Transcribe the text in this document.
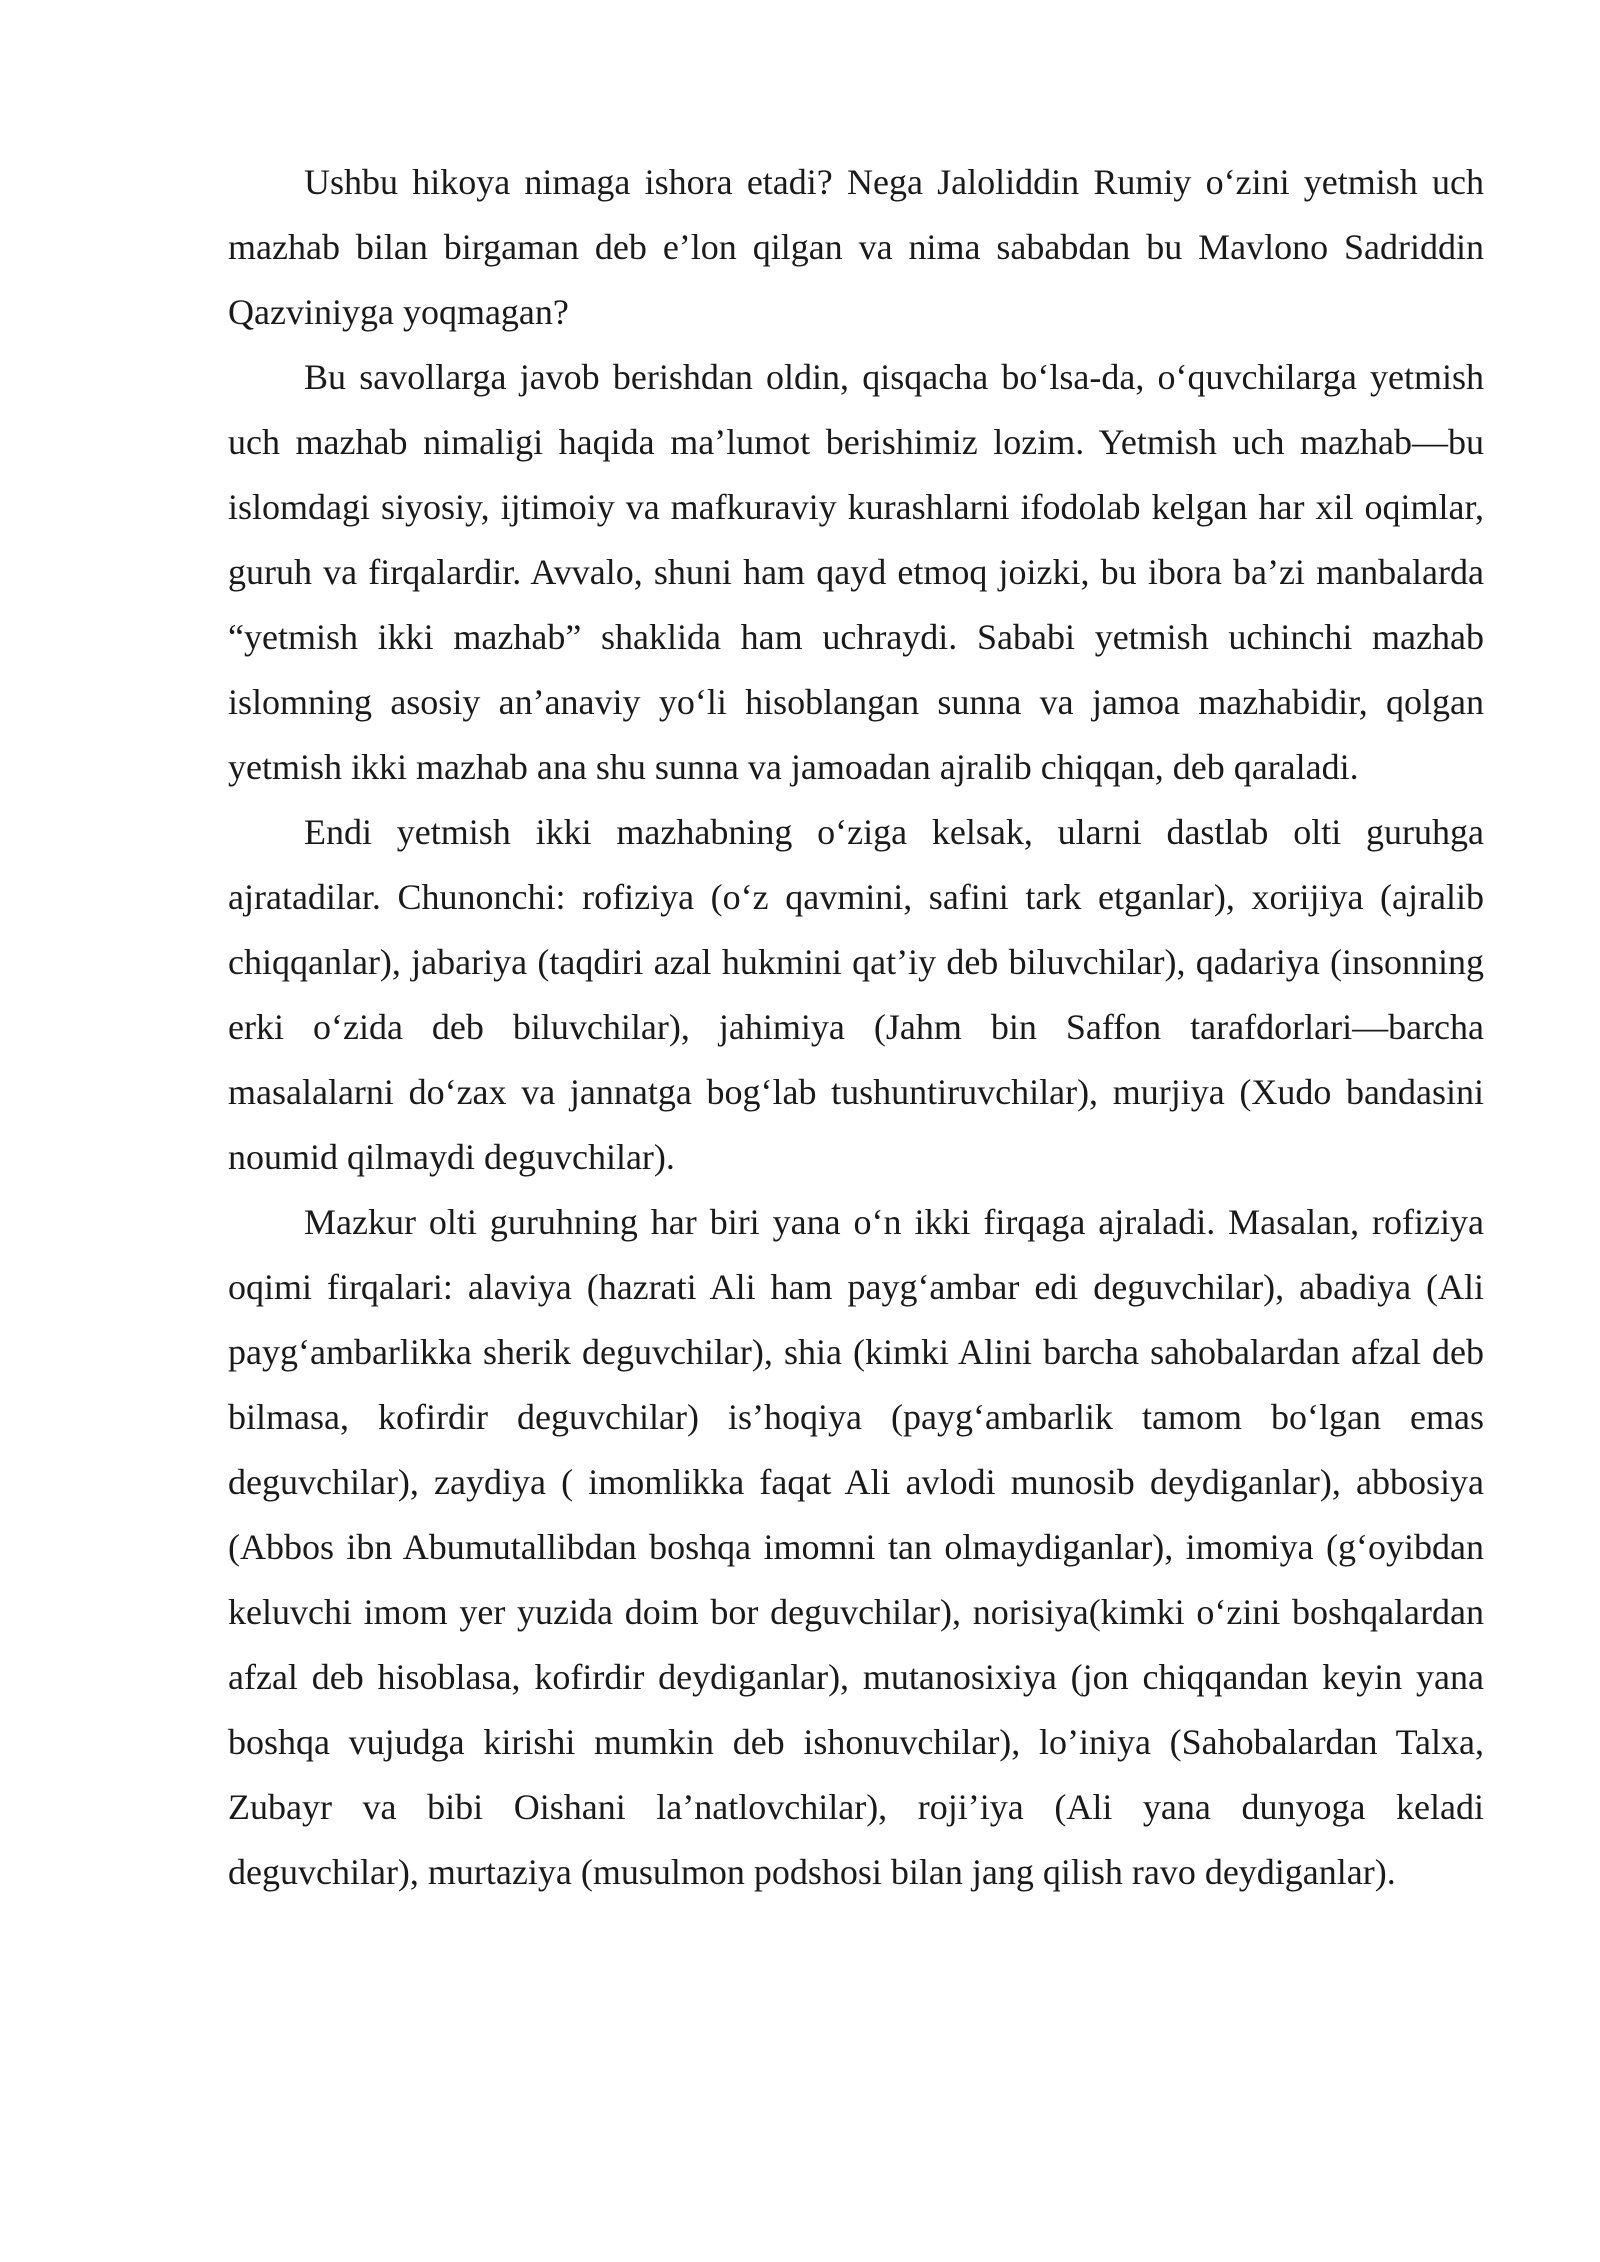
Ushbu hikoya nimaga ishora etadi? Nega Jaloliddin Rumiy o‘zini yetmish uch mazhab bilan birgaman deb e’lon qilgan va nima sababdan bu Mavlono Sadriddin Qazviniyga yoqmagan?

Bu savollarga javob berishdan oldin, qisqacha bo‘lsa-da, o‘quvchilarga yetmish uch mazhab nimaligi haqida ma’lumot berishimiz lozim. Yetmish uch mazhab—bu islomdagi siyosiy, ijtimoiy va mafkuraviy kurashlarni ifodolab kelgan har xil oqimlar, guruh va firqalardir. Avvalo, shuni ham qayd etmoq joizki, bu ibora ba’zi manbalarda “yetmish ikki mazhab” shaklida ham uchraydi. Sababi yetmish uchinchi mazhab islomning asosiy an’anaviy yo‘li hisoblangan sunna va jamoa mazhabidir, qolgan yetmish ikki mazhab ana shu sunna va jamoadan ajralib chiqqan, deb qaraladi.

Endi yetmish ikki mazhabning o‘ziga kelsak, ularni dastlab olti guruhga ajratadilar. Chunonchi: rofiziya (o‘z qavmini, safini tark etganlar), xorijiya (ajralib chiqqanlar), jabariya (taqdiri azal hukmini qat’iy deb biluvchilar), qadariya (insonning erki o‘zida deb biluvchilar), jahimiya (Jahm bin Saffon tarafdorlari—barcha masalalarni do‘zax va jannatga bog‘lab tushuntiruvchilar), murjiya (Xudo bandasini noumid qilmaydi deguvchilar).

Mazkur olti guruhning har biri yana o‘n ikki firqaga ajraladi. Masalan, rofiziya oqimi firqalari: alaviya (hazrati Ali ham payg‘ambar edi deguvchilar), abadiya (Ali payg‘ambarlikka sherik deguvchilar), shia (kimki Alini barcha sahobalardan afzal deb bilmasa, kofirdir deguvchilar) is’hoqiya (payg‘ambarlik tamom bo‘lgan emas deguvchilar), zaydiya ( imomlikka faqat Ali avlodi munosib deydiganlar), abbosiya (Abbos ibn Abumutallibdan boshqa imomni tan olmaydiganlar), imomiya (g‘oyibdan keluvchi imom yer yuzida doim bor deguvchilar), norisiya(kimki o‘zini boshqalardan afzal deb hisoblasa, kofirdir deydiganlar), mutanosixiya (jon chiqqandan keyin yana boshqa vujudga kirishi mumkin deb ishonuvchilar), lo’iniya (Sahobalardan Talxa, Zubayr va bibi Oishani la’natlovchilar), roji’iya (Ali yana dunyoga keladi deguvchilar), murtaziya (musulmon podshosi bilan jang qilish ravo deydiganlar).
